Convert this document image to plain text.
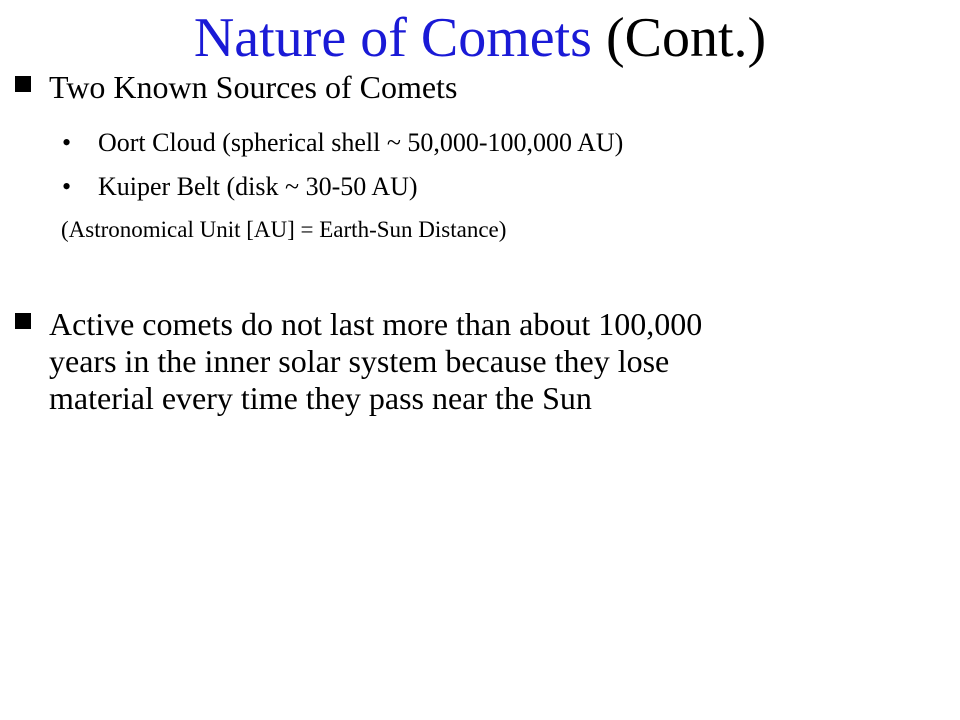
Nature of Comets (Cont.)
Two Known Sources of Comets
• Oort Cloud (spherical shell ~ 50,000-100,000 AU)
• Kuiper Belt (disk ~ 30-50 AU)
(Astronomical Unit [AU] = Earth-Sun Distance)
Active comets do not last more than about 100,000
years in the inner solar system because they lose
material every time they pass near the Sun
